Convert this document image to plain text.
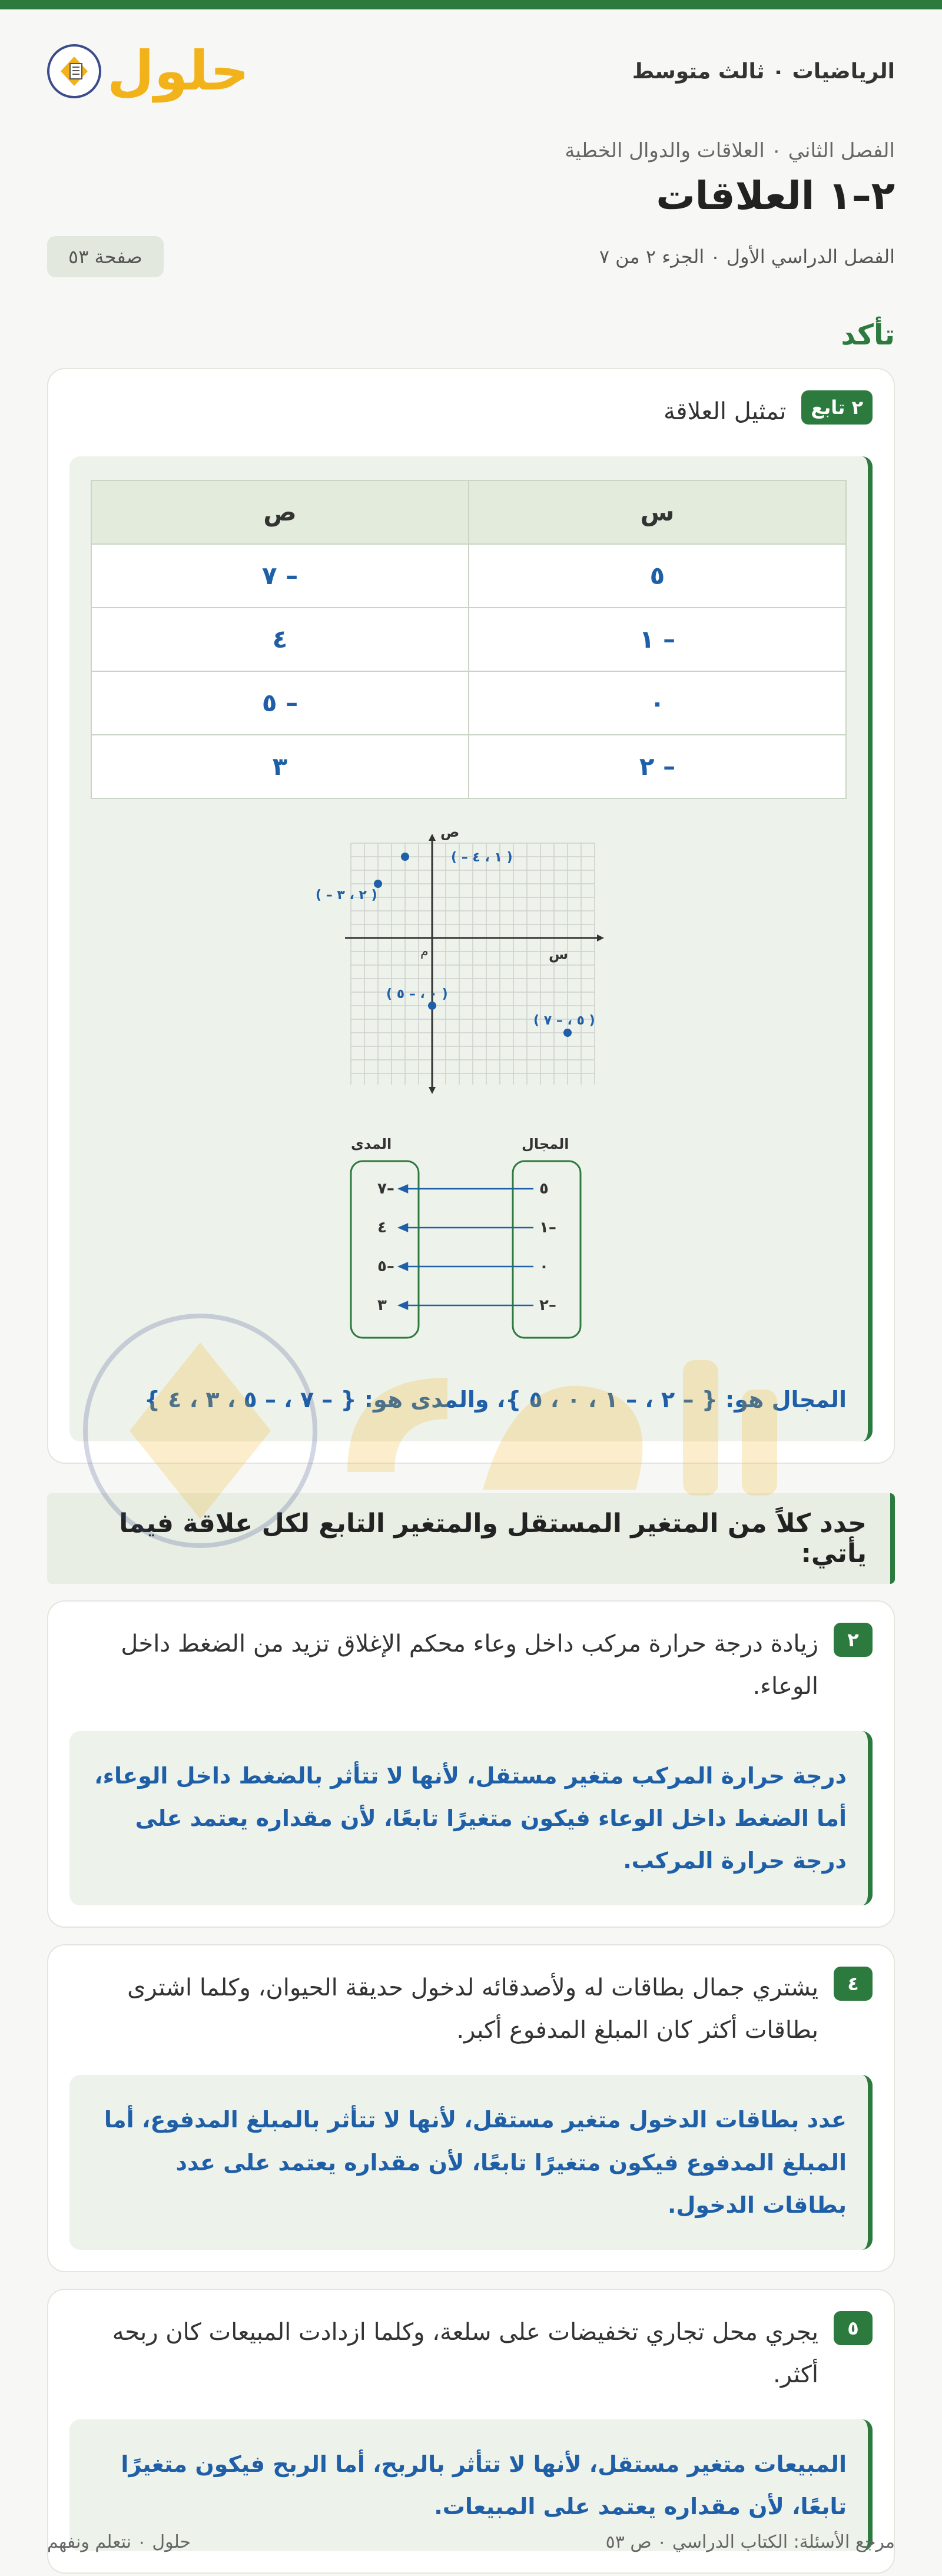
الرياضيات ٠ ثالث متوسط
حلول
الفصل الثاني ٠ العلاقات والدوال الخطية
٢–١ العلاقات
الفصل الدراسي الأول ٠ الجزء ٢ من ٧
صفحة ٥٣
تأكد
٢ تابع
تمثيل العلاقة
س	ص
٥	– ٧
– ١	٤
٠	– ٥
– ٢	٣
س
ص
م
( – ١ ، ٤ )
( – ٢ ، ٣ )
( ٠ ، – ٥ )
( ٥ ، – ٧ )
المدى	المجال
٧–
٤
٥–
٣
٥
١–
٠
٢–
المجال هو: { – ٢ ، – ١ ، ٠ ، ٥ }، والمدى هو: { – ٧ ، – ٥ ، ٣ ، ٤ }
حدد كلاً من المتغير المستقل والمتغير التابع لكل علاقة فيما يأتي:
٢
زيادة درجة حرارة مركب داخل وعاء محكم الإغلاق تزيد من الضغط داخل الوعاء.
درجة حرارة المركب متغير مستقل، لأنها لا تتأثر بالضغط داخل الوعاء، أما الضغط داخل الوعاء فيكون متغيرًا تابعًا، لأن مقداره يعتمد على درجة حرارة المركب.
٤
يشتري جمال بطاقات له ولأصدقائه لدخول حديقة الحيوان، وكلما اشترى بطاقات أكثر كان المبلغ المدفوع أكبر.
عدد بطاقات الدخول متغير مستقل، لأنها لا تتأثر بالمبلغ المدفوع، أما المبلغ المدفوع فيكون متغيرًا تابعًا، لأن مقداره يعتمد على عدد بطاقات الدخول.
٥
يجري محل تجاري تخفيضات على سلعة، وكلما ازدادت المبيعات كان ربحه أكثر.
المبيعات متغير مستقل، لأنها لا تتأثر بالربح، أما الربح فيكون متغيرًا تابعًا، لأن مقداره يعتمد على المبيعات.
مرجع الأسئلة: الكتاب الدراسي ٠ ص ٥٣
حلول ٠ نتعلم ونفهم
